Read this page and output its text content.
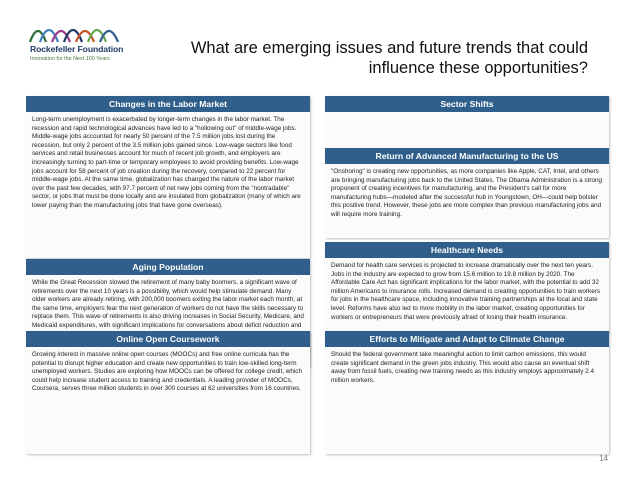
Rockefeller Foundation
Innovation for the Next 100 Years
What are emerging issues and future trends that could influence these opportunities?
Changes in the Labor Market
Long-term unemployment is exacerbated by longer-term changes in the labor market. The recession and rapid technological advances have led to a "hollowing out" of middle-wage jobs. Middle-wage jobs accounted for nearly 50 percent of the 7.5 million jobs lost during the recession, but only 2 percent of the 3.5 million jobs gained since. Low-wage sectors like food services and retail businesses account for much of recent job growth, and employers are increasingly turning to part-time or temporary employees to avoid providing benefits. Low-wage jobs account for 58 percent of job creation during the recovery, compared to 22 percent for middle-wage jobs. At the same time, globalization has changed the nature of the labor market over the past few decades, with 97.7 percent of net new jobs coming from the "nontradable" sector, or jobs that must be done locally and are insulated from globalization (many of which are lower paying than the manufacturing jobs that have gone overseas).
Aging Population
While the Great Recession slowed the retirement of many baby boomers, a significant wave of retirements over the next 10 years is a possibility, which would help stimulate demand. Many older workers are already retiring, with 200,000 boomers exiting the labor market each month; at the same time, employers fear the next generation of workers do not have the skills necessary to replace them. This wave of retirements is also driving increases in Social Security, Medicare, and Medicaid expenditures, with significant implications for conversations about deficit reduction and
Online Open Coursework
Growing interest in massive online open courses (MOOCs) and free online curricula has the potential to disrupt higher education and create new opportunities to train low-skilled long-term unemployed workers. Studies are exploring how MOOCs can be offered for college credit, which could help increase student access to training and credentials. A leading provider of MOOCs, Coursera, serves three million students in over 300 courses at 62 universities from 16 countries.
Sector Shifts
Return of Advanced Manufacturing to the US
"Onshoring" is creating new opportunities, as more companies like Apple, CAT, Intel, and others are bringing manufacturing jobs back to the United States. The Obama Administration is a strong proponent of creating incentives for manufacturing, and the President's call for more manufacturing hubs—modeled after the successful hub in Youngstown, OH—could help bolster this positive trend. However, these jobs are more complex than previous manufacturing jobs and will require more training.
Healthcare Needs
Demand for health care services is projected to increase dramatically over the next ten years. Jobs in the industry are expected to grow from 15.6 million to 19.8 million by 2020. The Affordable Care Act has significant implications for the labor market, with the potential to add 32 million Americans to insurance rolls. Increased demand is creating opportunities to train workers for jobs in the healthcare space, including innovative training partnerships at the local and state level. Reforms have also led to more mobility in the labor market, creating opportunities for workers or entrepreneurs that were previously afraid of losing their health insurance.
Efforts to Mitigate and Adapt to Climate Change
Should the federal government take meaningful action to limit carbon emissions, this would create significant demand in the green jobs industry. This would also cause an eventual shift away from fossil fuels, creating new training needs as this industry employs approximately 2.4 million workers.
14
